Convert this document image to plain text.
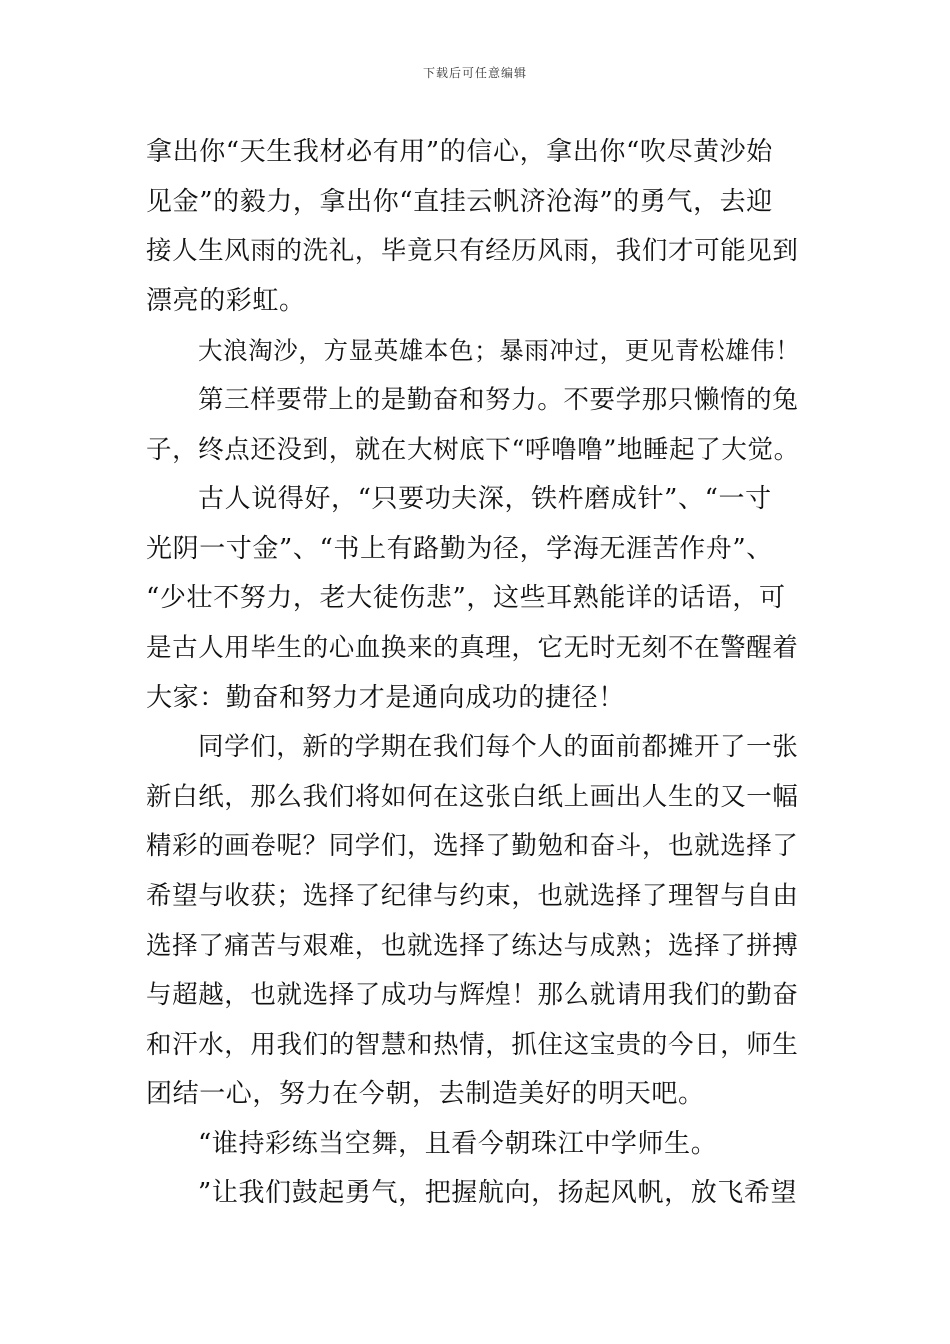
下载后可任意编辑
拿出你“天生我材必有用”的信心，拿出你“吹尽黄沙始
见金”的毅力，拿出你“直挂云帆济沧海”的勇气，去迎
接人生风雨的洗礼，毕竟只有经历风雨，我们才可能见到
漂亮的彩虹。
大浪淘沙，方显英雄本色；暴雨冲过，更见青松雄伟！
第三样要带上的是勤奋和努力。不要学那只懒惰的兔
子，终点还没到，就在大树底下“呼噜噜”地睡起了大觉。
古人说得好，“只要功夫深，铁杵磨成针”、“一寸
光阴一寸金”、“书上有路勤为径，学海无涯苦作舟”、
“少壮不努力，老大徒伤悲”，这些耳熟能详的话语，可
是古人用毕生的心血换来的真理，它无时无刻不在警醒着
大家：勤奋和努力才是通向成功的捷径！
同学们，新的学期在我们每个人的面前都摊开了一张
新白纸，那么我们将如何在这张白纸上画出人生的又一幅
精彩的画卷呢？同学们，选择了勤勉和奋斗，也就选择了
希望与收获；选择了纪律与约束，也就选择了理智与自由
选择了痛苦与艰难，也就选择了练达与成熟；选择了拼搏
与超越，也就选择了成功与辉煌！那么就请用我们的勤奋
和汗水，用我们的智慧和热情，抓住这宝贵的今日，师生
团结一心，努力在今朝，去制造美好的明天吧。
“谁持彩练当空舞，且看今朝珠江中学师生。
”让我们鼓起勇气，把握航向，扬起风帆，放飞希望
